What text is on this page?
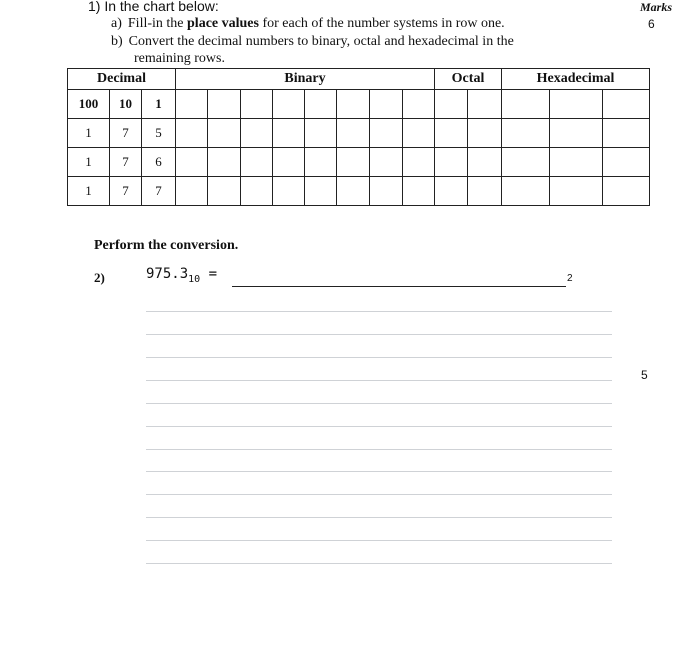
1) In the chart below:	Marks
6
a) Fill-in the place values for each of the number systems in row one.
b) Convert the decimal numbers to binary, octal and hexadecimal in the
remaining rows.
Decimal			Binary								Octal		Hexadecimal		
100	10	1													
1	7	5													
1	7	6													
1	7	7													
Perform the conversion.
2)	$975.3_{10}$ =	2
5
